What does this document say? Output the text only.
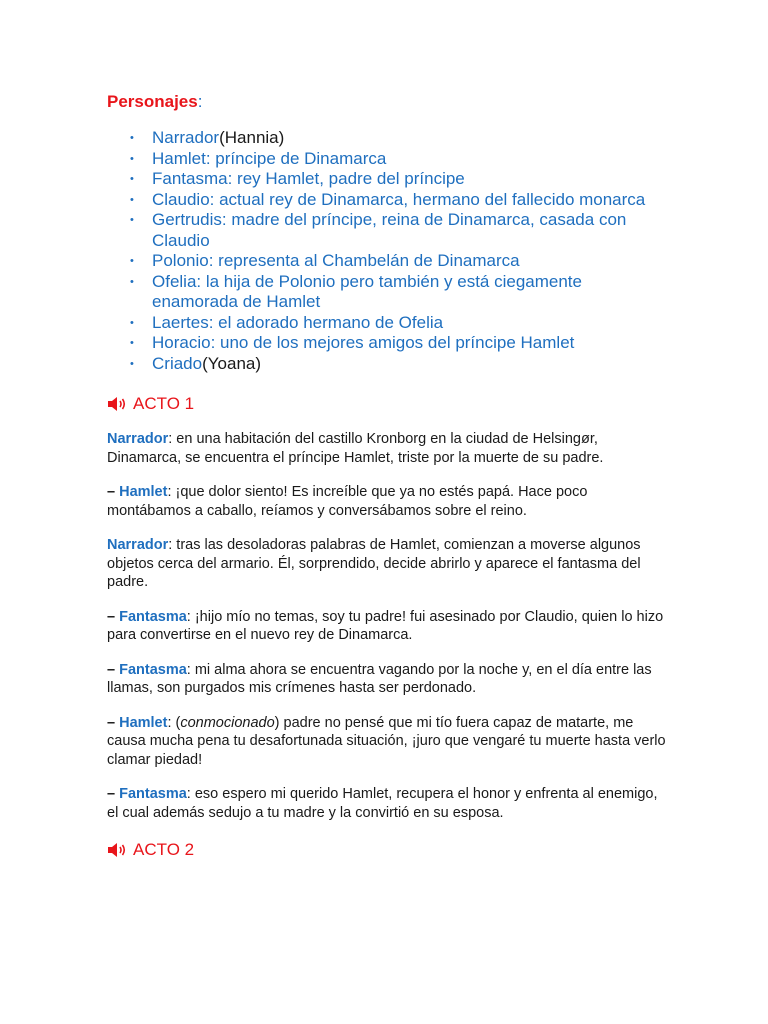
Personajes:
• Narrador(Hannia)
• Hamlet: príncipe de Dinamarca
• Fantasma: rey Hamlet, padre del príncipe
• Claudio: actual rey de Dinamarca, hermano del fallecido monarca
• Gertrudis: madre del príncipe, reina de Dinamarca, casada con Claudio
• Polonio: representa al Chambelán de Dinamarca
• Ofelia: la hija de Polonio pero también y está ciegamente enamorada de Hamlet
• Laertes: el adorado hermano de Ofelia
• Horacio: uno de los mejores amigos del príncipe Hamlet
• Criado(Yoana)
ACTO 1

Narrador: en una habitación del castillo Kronborg en la ciudad de Helsingør, Dinamarca, se encuentra el príncipe Hamlet, triste por la muerte de su padre.

– Hamlet: ¡que dolor siento! Es increíble que ya no estés papá. Hace poco montábamos a caballo, reíamos y conversábamos sobre el reino.

Narrador: tras las desoladoras palabras de Hamlet, comienzan a moverse algunos objetos cerca del armario. Él, sorprendido, decide abrirlo y aparece el fantasma del padre.

– Fantasma: ¡hijo mío no temas, soy tu padre! fui asesinado por Claudio, quien lo hizo para convertirse en el nuevo rey de Dinamarca.

– Fantasma: mi alma ahora se encuentra vagando por la noche y, en el día entre las llamas, son purgados mis crímenes hasta ser perdonado.

– Hamlet: (conmocionado) padre no pensé que mi tío fuera capaz de matarte, me causa mucha pena tu desafortunada situación, ¡juro que vengaré tu muerte hasta verlo clamar piedad!

– Fantasma: eso espero mi querido Hamlet, recupera el honor y enfrenta al enemigo, el cual además sedujo a tu madre y la convirtió en su esposa.

ACTO 2
